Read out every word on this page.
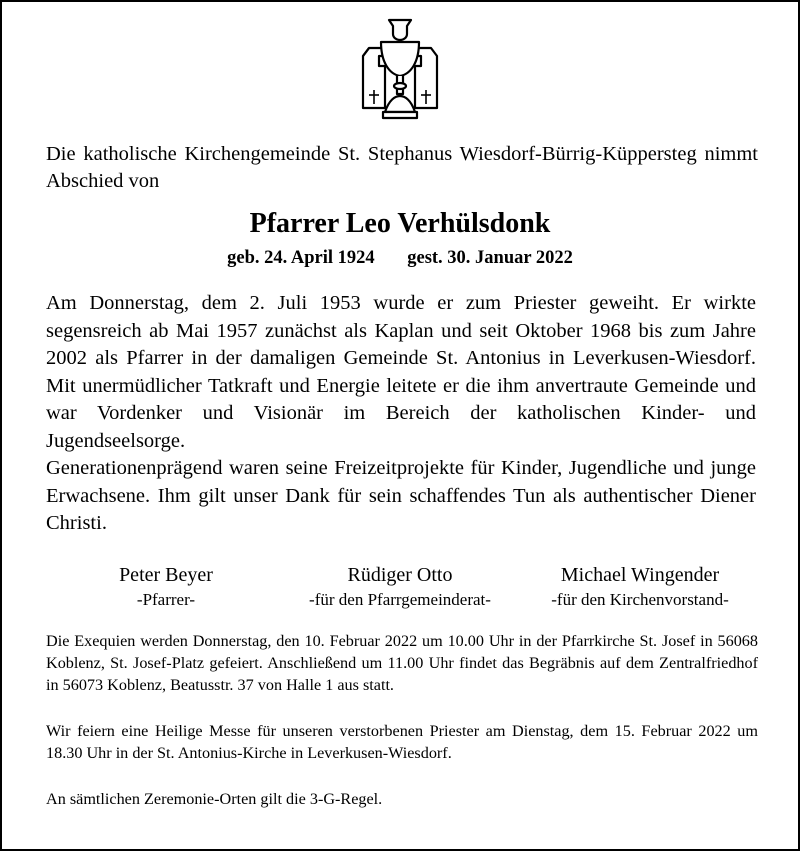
Die katholische Kirchengemeinde St. Stephanus Wiesdorf-Bürrig-Küppersteg nimmt Abschied von
Pfarrer Leo Verhülsdonk
geb. 24. April 1924 gest. 30. Januar 2022

Am Donnerstag, dem 2. Juli 1953 wurde er zum Priester geweiht. Er wirkte segensreich ab Mai 1957 zunächst als Kaplan und seit Oktober 1968 bis zum Jahre 2002 als Pfarrer in der damaligen Gemeinde St. Antonius in Leverkusen-Wiesdorf. Mit unermüdlicher Tatkraft und Energie leitete er die ihm anvertraute Gemeinde und war Vordenker und Visionär im Bereich der katholischen Kinder- und Jugendseelsorge.

Generationenprägend waren seine Freizeitprojekte für Kinder, Jugendliche und junge Erwachsene. Ihm gilt unser Dank für sein schaffendes Tun als authentischer Diener Christi.

Peter Beyer
-Pfarrer-
Rüdiger Otto
-für den Pfarrgemeinderat-
Michael Wingender
-für den Kirchenvorstand-
Die Exequien werden Donnerstag, den 10. Februar 2022 um 10.00 Uhr in der Pfarrkirche St. Josef in 56068 Koblenz, St. Josef-Platz gefeiert. Anschließend um 11.00 Uhr findet das Begräbnis auf dem Zentralfriedhof in 56073 Koblenz, Beatusstr. 37 von Halle 1 aus statt.
Wir feiern eine Heilige Messe für unseren verstorbenen Priester am Dienstag, dem 15. Februar 2022 um 18.30 Uhr in der St. Antonius-Kirche in Leverkusen-Wiesdorf.
An sämtlichen Zeremonie-Orten gilt die 3-G-Regel.
